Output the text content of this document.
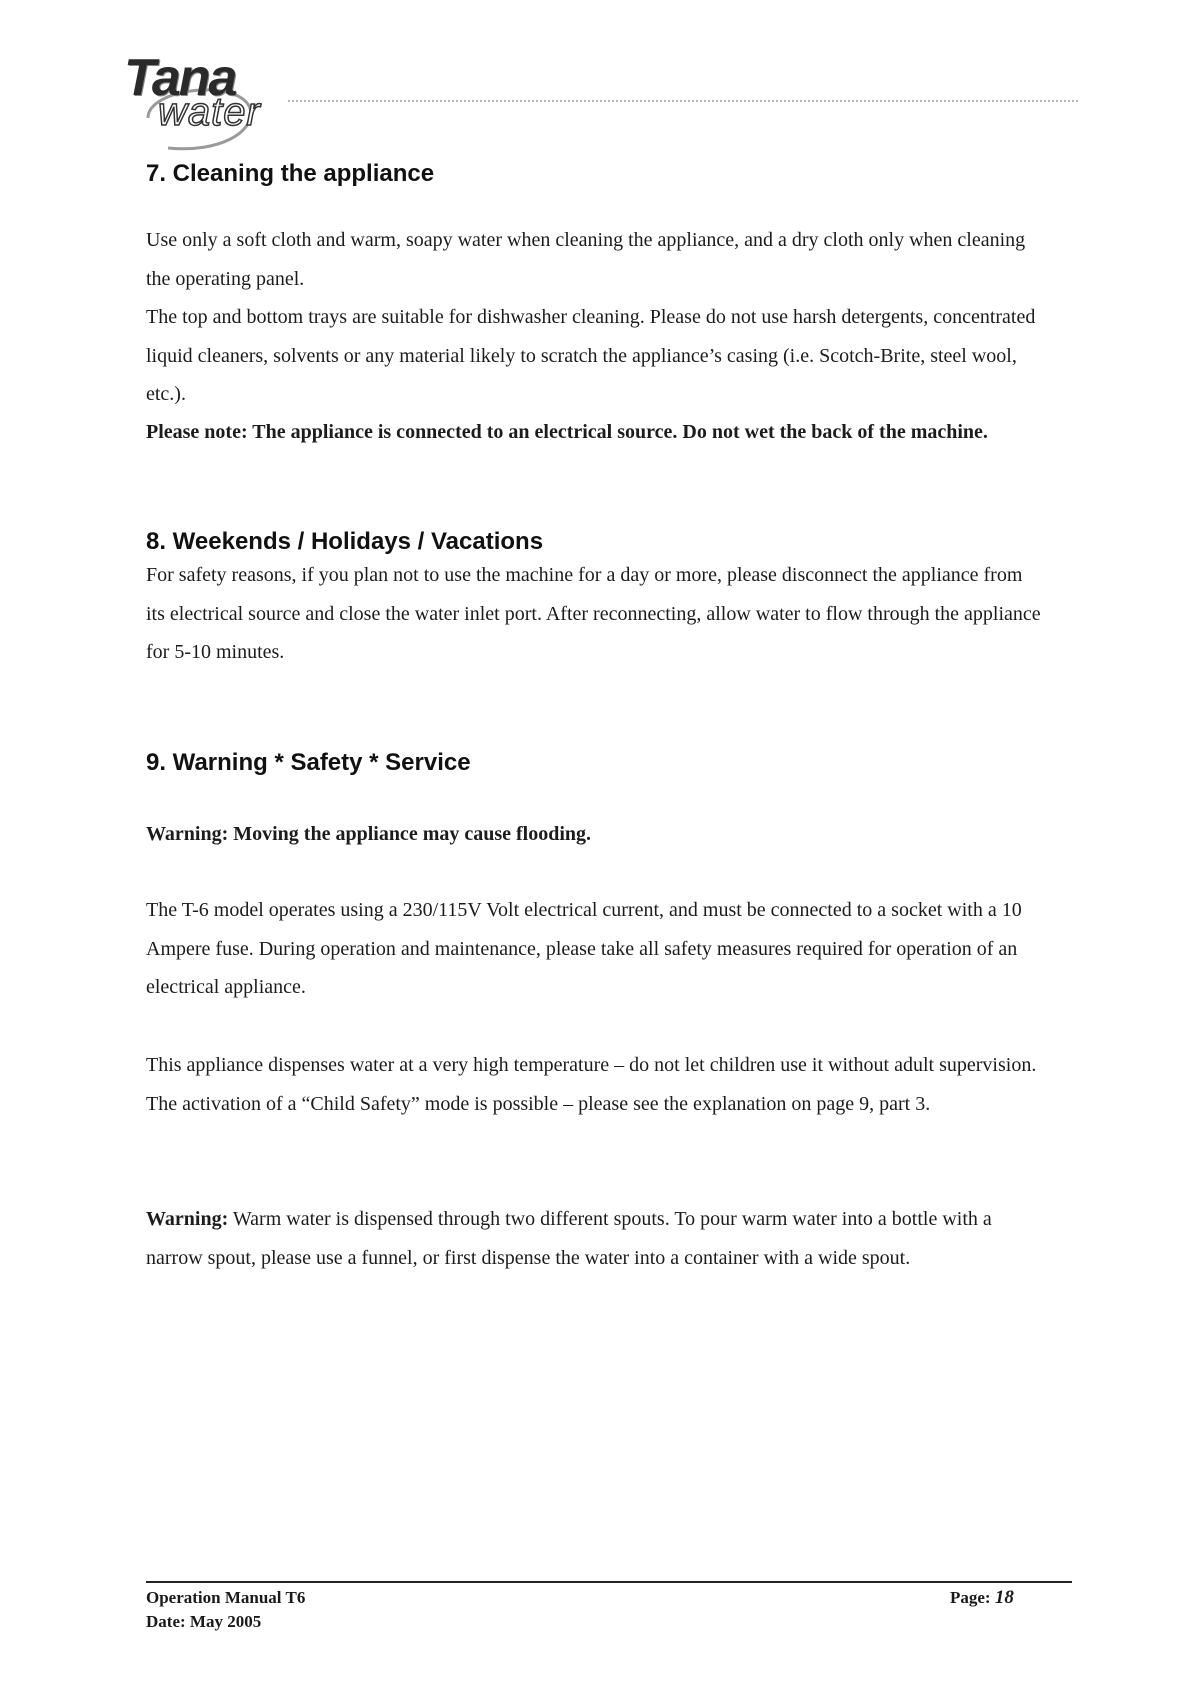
Tana
water
7. Cleaning the appliance

Use only a soft cloth and warm, soapy water when cleaning the appliance, and a dry cloth only when cleaning the operating panel.

The top and bottom trays are suitable for dishwasher cleaning. Please do not use harsh detergents, concentrated liquid cleaners, solvents or any material likely to scratch the appliance’s casing (i.e. Scotch-Brite, steel wool, etc.).

Please note: The appliance is connected to an electrical source. Do not wet the back of the machine.

8. Weekends / Holidays / Vacations

For safety reasons, if you plan not to use the machine for a day or more, please disconnect the appliance from its electrical source and close the water inlet port. After reconnecting, allow water to flow through the appliance for 5-10 minutes.

9. Warning * Safety * Service

Warning: Moving the appliance may cause flooding.

The T-6 model operates using a 230/115V Volt electrical current, and must be connected to a socket with a 10 Ampere fuse. During operation and maintenance, please take all safety measures required for operation of an electrical appliance.

This appliance dispenses water at a very high temperature – do not let children use it without adult supervision. The activation of a “Child Safety” mode is possible – please see the explanation on page 9, part 3.

Warning: Warm water is dispensed through two different spouts. To pour warm water into a bottle with a narrow spout, please use a funnel, or first dispense the water into a container with a wide spout.

Operation Manual T6
Date: May 2005
Page: 18
